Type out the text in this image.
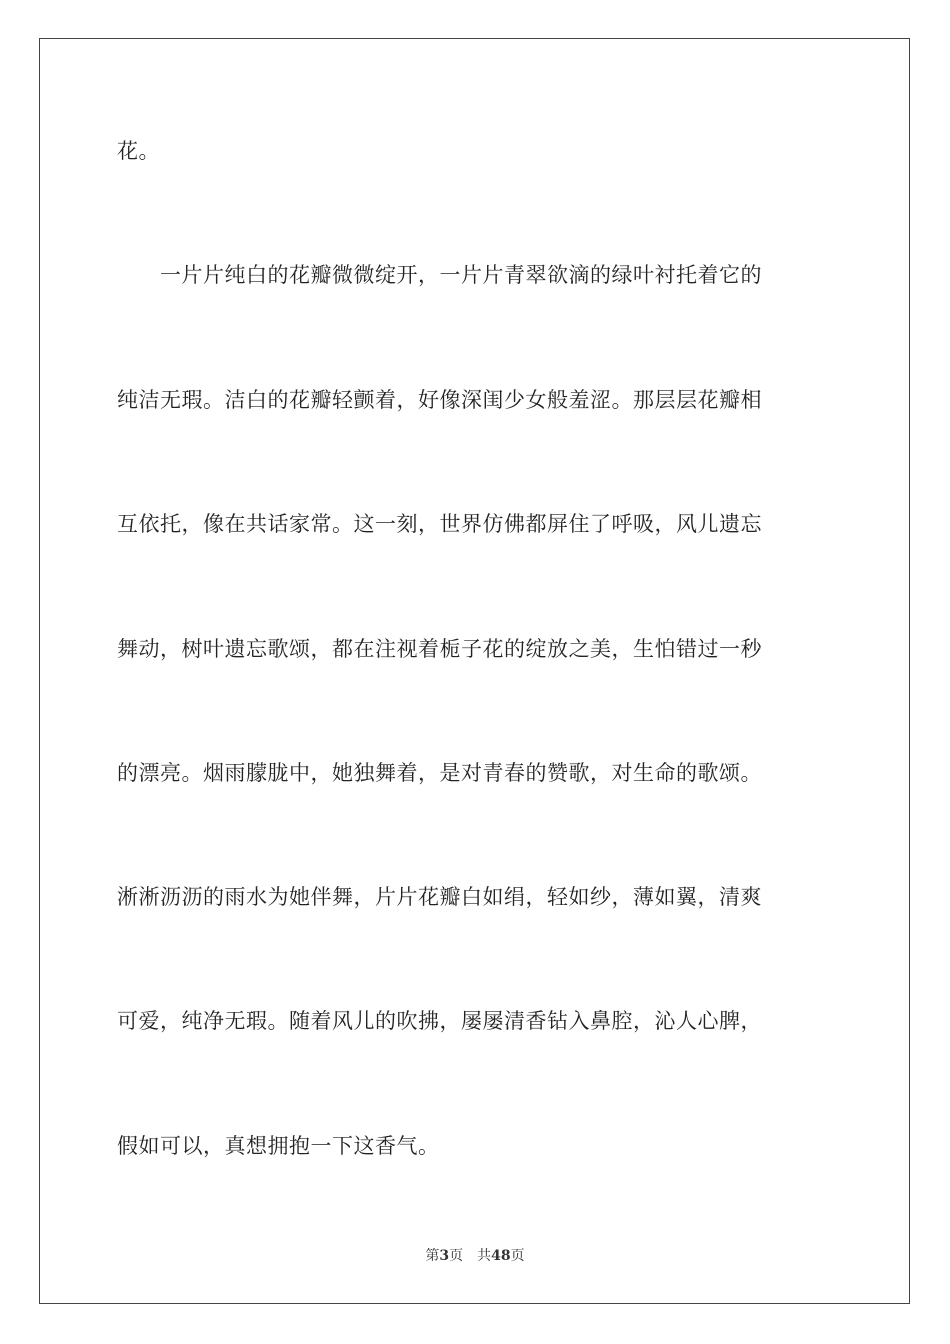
花。
一片片纯白的花瓣微微绽开，一片片青翠欲滴的绿叶衬托着它的
纯洁无瑕。洁白的花瓣轻颤着，好像深闺少女般羞涩。那层层花瓣相
互依托，像在共话家常。这一刻，世界仿佛都屏住了呼吸，风儿遗忘
舞动，树叶遗忘歌颂，都在注视着栀子花的绽放之美，生怕错过一秒
的漂亮。烟雨朦胧中，她独舞着，是对青春的赞歌，对生命的歌颂。
淅淅沥沥的雨水为她伴舞，片片花瓣白如绢，轻如纱，薄如翼，清爽
可爱，纯净无瑕。随着风儿的吹拂，屡屡清香钻入鼻腔，沁人心脾，
假如可以，真想拥抱一下这香气。
第3页 共48页
